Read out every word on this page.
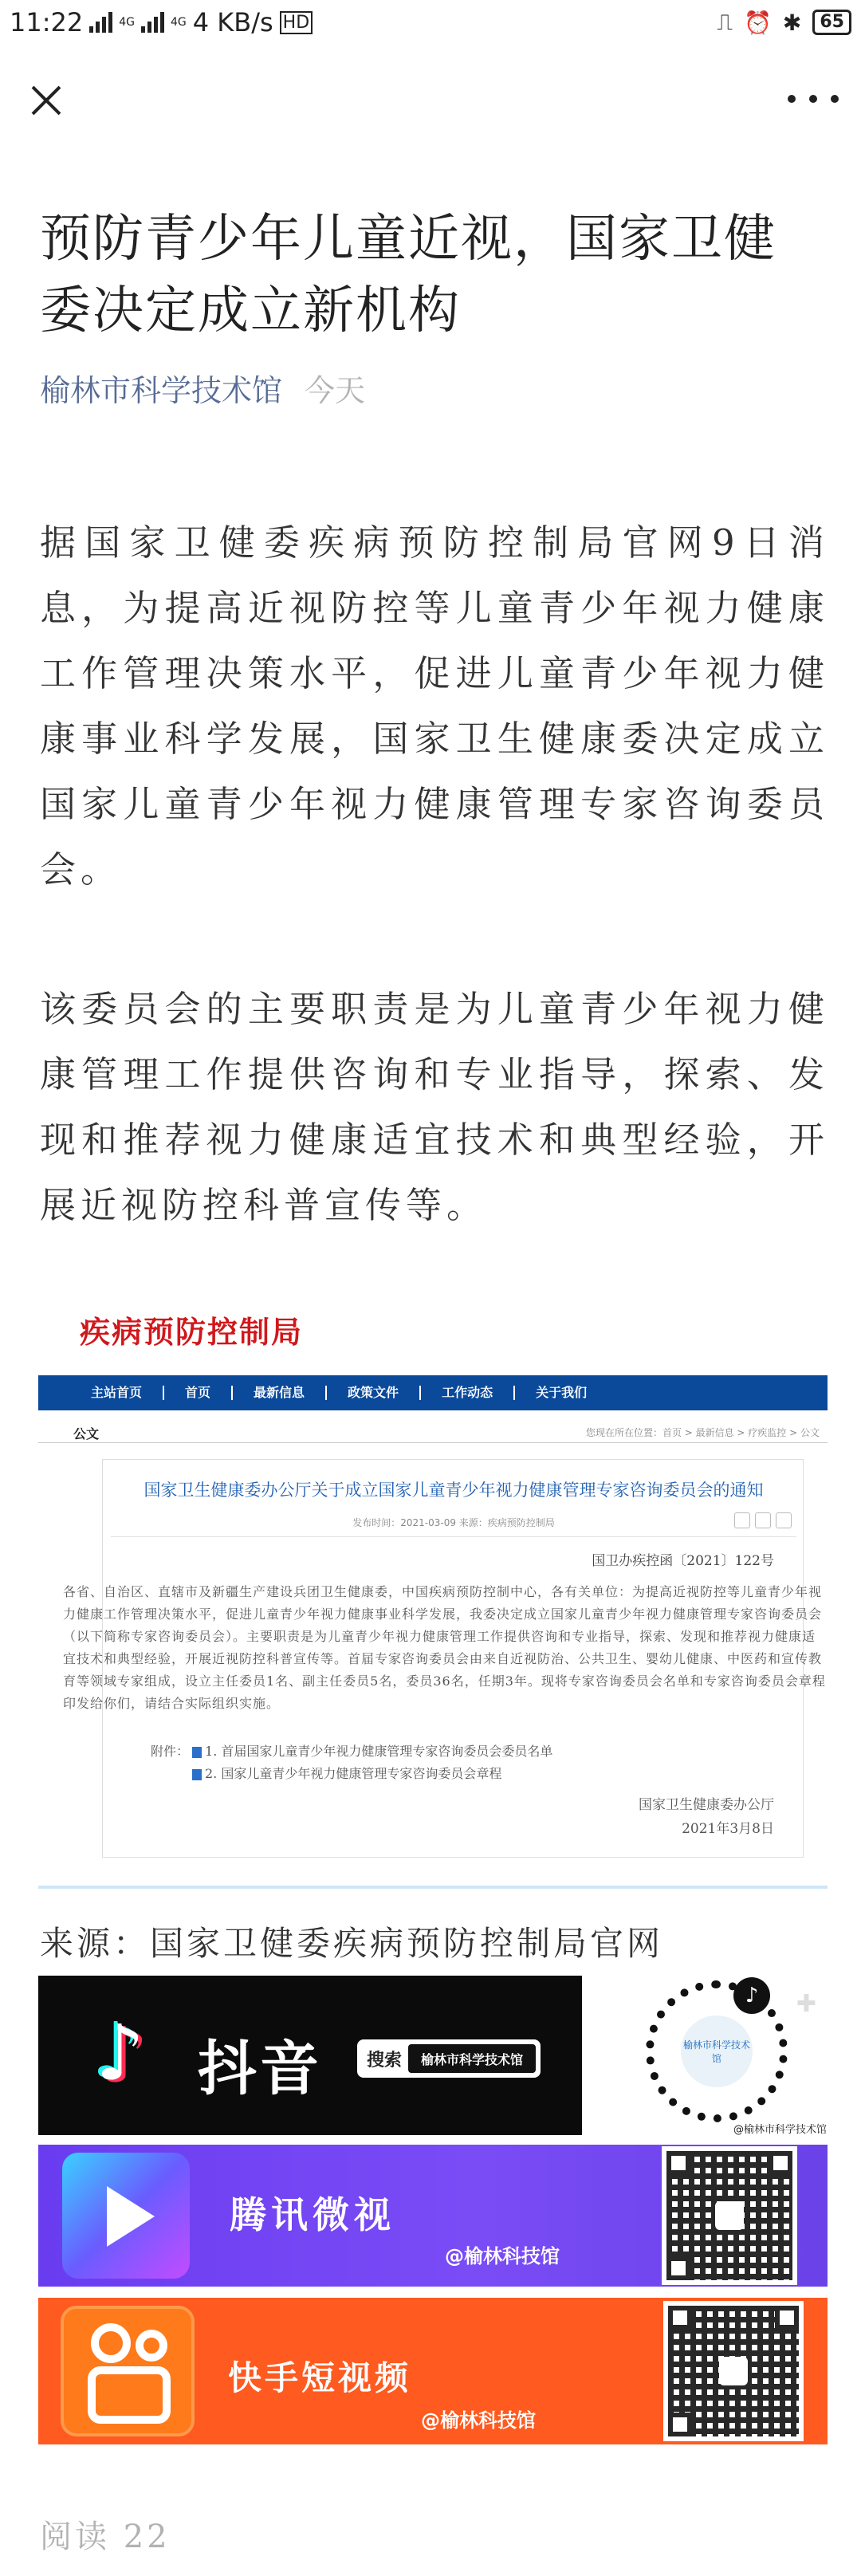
11:22	4G	4G 4 KB/s HD	⎍ ⏰ ✱	65
预防青少年儿童近视，国家卫健委决定成立新机构
榆林市科学技术馆 今天

据国家卫健委疾病预防控制局官网9日消息，为提高近视防控等儿童青少年视力健康工作管理决策水平，促进儿童青少年视力健康事业科学发展，国家卫生健康委决定成立国家儿童青少年视力健康管理专家咨询委员会。

该委员会的主要职责是为儿童青少年视力健康管理工作提供咨询和专业指导，探索、发现和推荐视力健康适宜技术和典型经验，开展近视防控科普宣传等。

疾病预防控制局
主站首页	首页	最新信息	政策文件	工作动态	关于我们
公文	您现在所在位置：首页 > 最新信息 > 疗疾监控 > 公文
国家卫生健康委办公厅关于成立国家儿童青少年视力健康管理专家咨询委员会的通知
发布时间：2021-03-09 来源：疾病预防控制局
国卫办疾控函〔2021〕122号
各省、自治区、直辖市及新疆生产建设兵团卫生健康委，中国疾病预防控制中心，各有关单位：为提高近视防控等儿童青少年视力健康工作管理决策水平，促进儿童青少年视力健康事业科学发展，我委决定成立国家儿童青少年视力健康管理专家咨询委员会（以下简称专家咨询委员会）。主要职责是为儿童青少年视力健康管理工作提供咨询和专业指导，探索、发现和推荐视力健康适宜技术和典型经验，开展近视防控科普宣传等。首届专家咨询委员会由来自近视防治、公共卫生、婴幼儿健康、中医药和宣传教育等领域专家组成，设立主任委员1名、副主任委员5名，委员36名，任期3年。现将专家咨询委员会名单和专家咨询委员会章程印发给你们，请结合实际组织实施。
附件： 1. 首届国家儿童青少年视力健康管理专家咨询委员会委员名单
2. 国家儿童青少年视力健康管理专家咨询委员会章程
国家卫生健康委办公厅
2021年3月8日
来源：国家卫健委疾病预防控制局官网
♪ 抖音	搜索	榆林市科学技术馆
榆林市科学技术馆
♪
@榆林市科学技术馆
✚
腾讯微视
@榆林科技馆
快手短视频
@榆林科技馆
阅读 22
